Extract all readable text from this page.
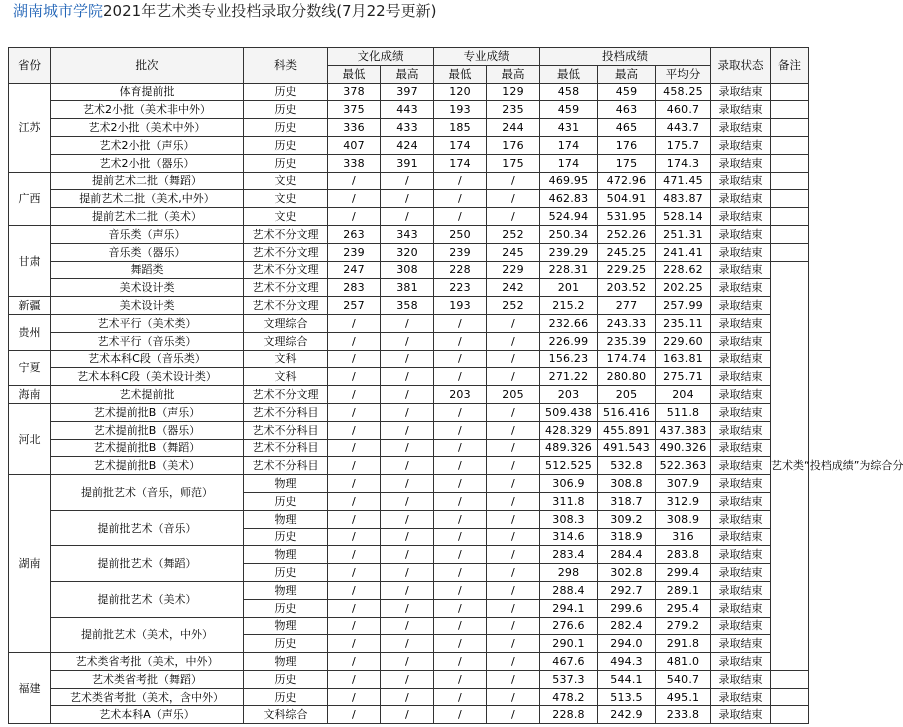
湖南城市学院2021年艺术类专业投档录取分数线(7月22号更新)
省份	批次	科类	文化成绩		专业成绩		投档成绩			录取状态	备注
			最低	最高	最低	最高	最低	最高	平均分		
江苏	体育提前批	历史	378	397	120	129	458	459	458.25	录取结束	
	艺术2小批（美术非中外）	历史	375	443	193	235	459	463	460.7	录取结束	
	艺术2小批（美术中外）	历史	336	433	185	244	431	465	443.7	录取结束	
	艺术2小批（声乐）	历史	407	424	174	176	174	176	175.7	录取结束	
	艺术2小批（器乐）	历史	338	391	174	175	174	175	174.3	录取结束	
广西	提前艺术二批（舞蹈）	文史	/	/	/	/	469.95	472.96	471.45	录取结束	
	提前艺术二批（美术,中外）	文史	/	/	/	/	462.83	504.91	483.87	录取结束	
	提前艺术二批（美术）	文史	/	/	/	/	524.94	531.95	528.14	录取结束	
甘肃	音乐类（声乐）	艺术不分文理	263	343	250	252	250.34	252.26	251.31	录取结束	
	音乐类（器乐）	艺术不分文理	239	320	239	245	239.29	245.25	241.41	录取结束	
	舞蹈类	艺术不分文理	247	308	228	229	228.31	229.25	228.62	录取结束	艺术类“投档成绩”为综合分
	美术设计类	艺术不分文理	283	381	223	242	201	203.52	202.25	录取结束	
新疆	美术设计类	艺术不分文理	257	358	193	252	215.2	277	257.99	录取结束	
贵州	艺术平行（美术类）	文理综合	/	/	/	/	232.66	243.33	235.11	录取结束	
	艺术平行（音乐类）	文理综合	/	/	/	/	226.99	235.39	229.60	录取结束	
宁夏	艺术本科C段（音乐类）	文科	/	/	/	/	156.23	174.74	163.81	录取结束	
	艺术本科C段（美术设计类）	文科	/	/	/	/	271.22	280.80	275.71	录取结束	
海南	艺术提前批	艺术不分文理	/	/	203	205	203	205	204	录取结束	
河北	艺术提前批B（声乐）	艺术不分科目	/	/	/	/	509.438	516.416	511.8	录取结束	
	艺术提前批B（器乐）	艺术不分科目	/	/	/	/	428.329	455.891	437.383	录取结束	
	艺术提前批B（舞蹈）	艺术不分科目	/	/	/	/	489.326	491.543	490.326	录取结束	
	艺术提前批B（美术）	艺术不分科目	/	/	/	/	512.525	532.8	522.363	录取结束	
湖南	提前批艺术（音乐，师范）	物理	/	/	/	/	306.9	308.8	307.9	录取结束	
		历史	/	/	/	/	311.8	318.7	312.9	录取结束	
	提前批艺术（音乐）	物理	/	/	/	/	308.3	309.2	308.9	录取结束	
		历史	/	/	/	/	314.6	318.9	316	录取结束	
	提前批艺术（舞蹈）	物理	/	/	/	/	283.4	284.4	283.8	录取结束	
		历史	/	/	/	/	298	302.8	299.4	录取结束	
	提前批艺术（美术）	物理	/	/	/	/	288.4	292.7	289.1	录取结束	
		历史	/	/	/	/	294.1	299.6	295.4	录取结束	
	提前批艺术（美术，中外）	物理	/	/	/	/	276.6	282.4	279.2	录取结束	
		历史	/	/	/	/	290.1	294.0	291.8	录取结束	
福建	艺术类省考批（美术，中外）	物理	/	/	/	/	467.6	494.3	481.0	录取结束	
	艺术类省考批（舞蹈）	历史	/	/	/	/	537.3	544.1	540.7	录取结束	
	艺术类省考批（美术，含中外）	历史	/	/	/	/	478.2	513.5	495.1	录取结束	
	艺术本科A（声乐）	文科综合	/	/	/	/	228.8	242.9	233.8	录取结束	
